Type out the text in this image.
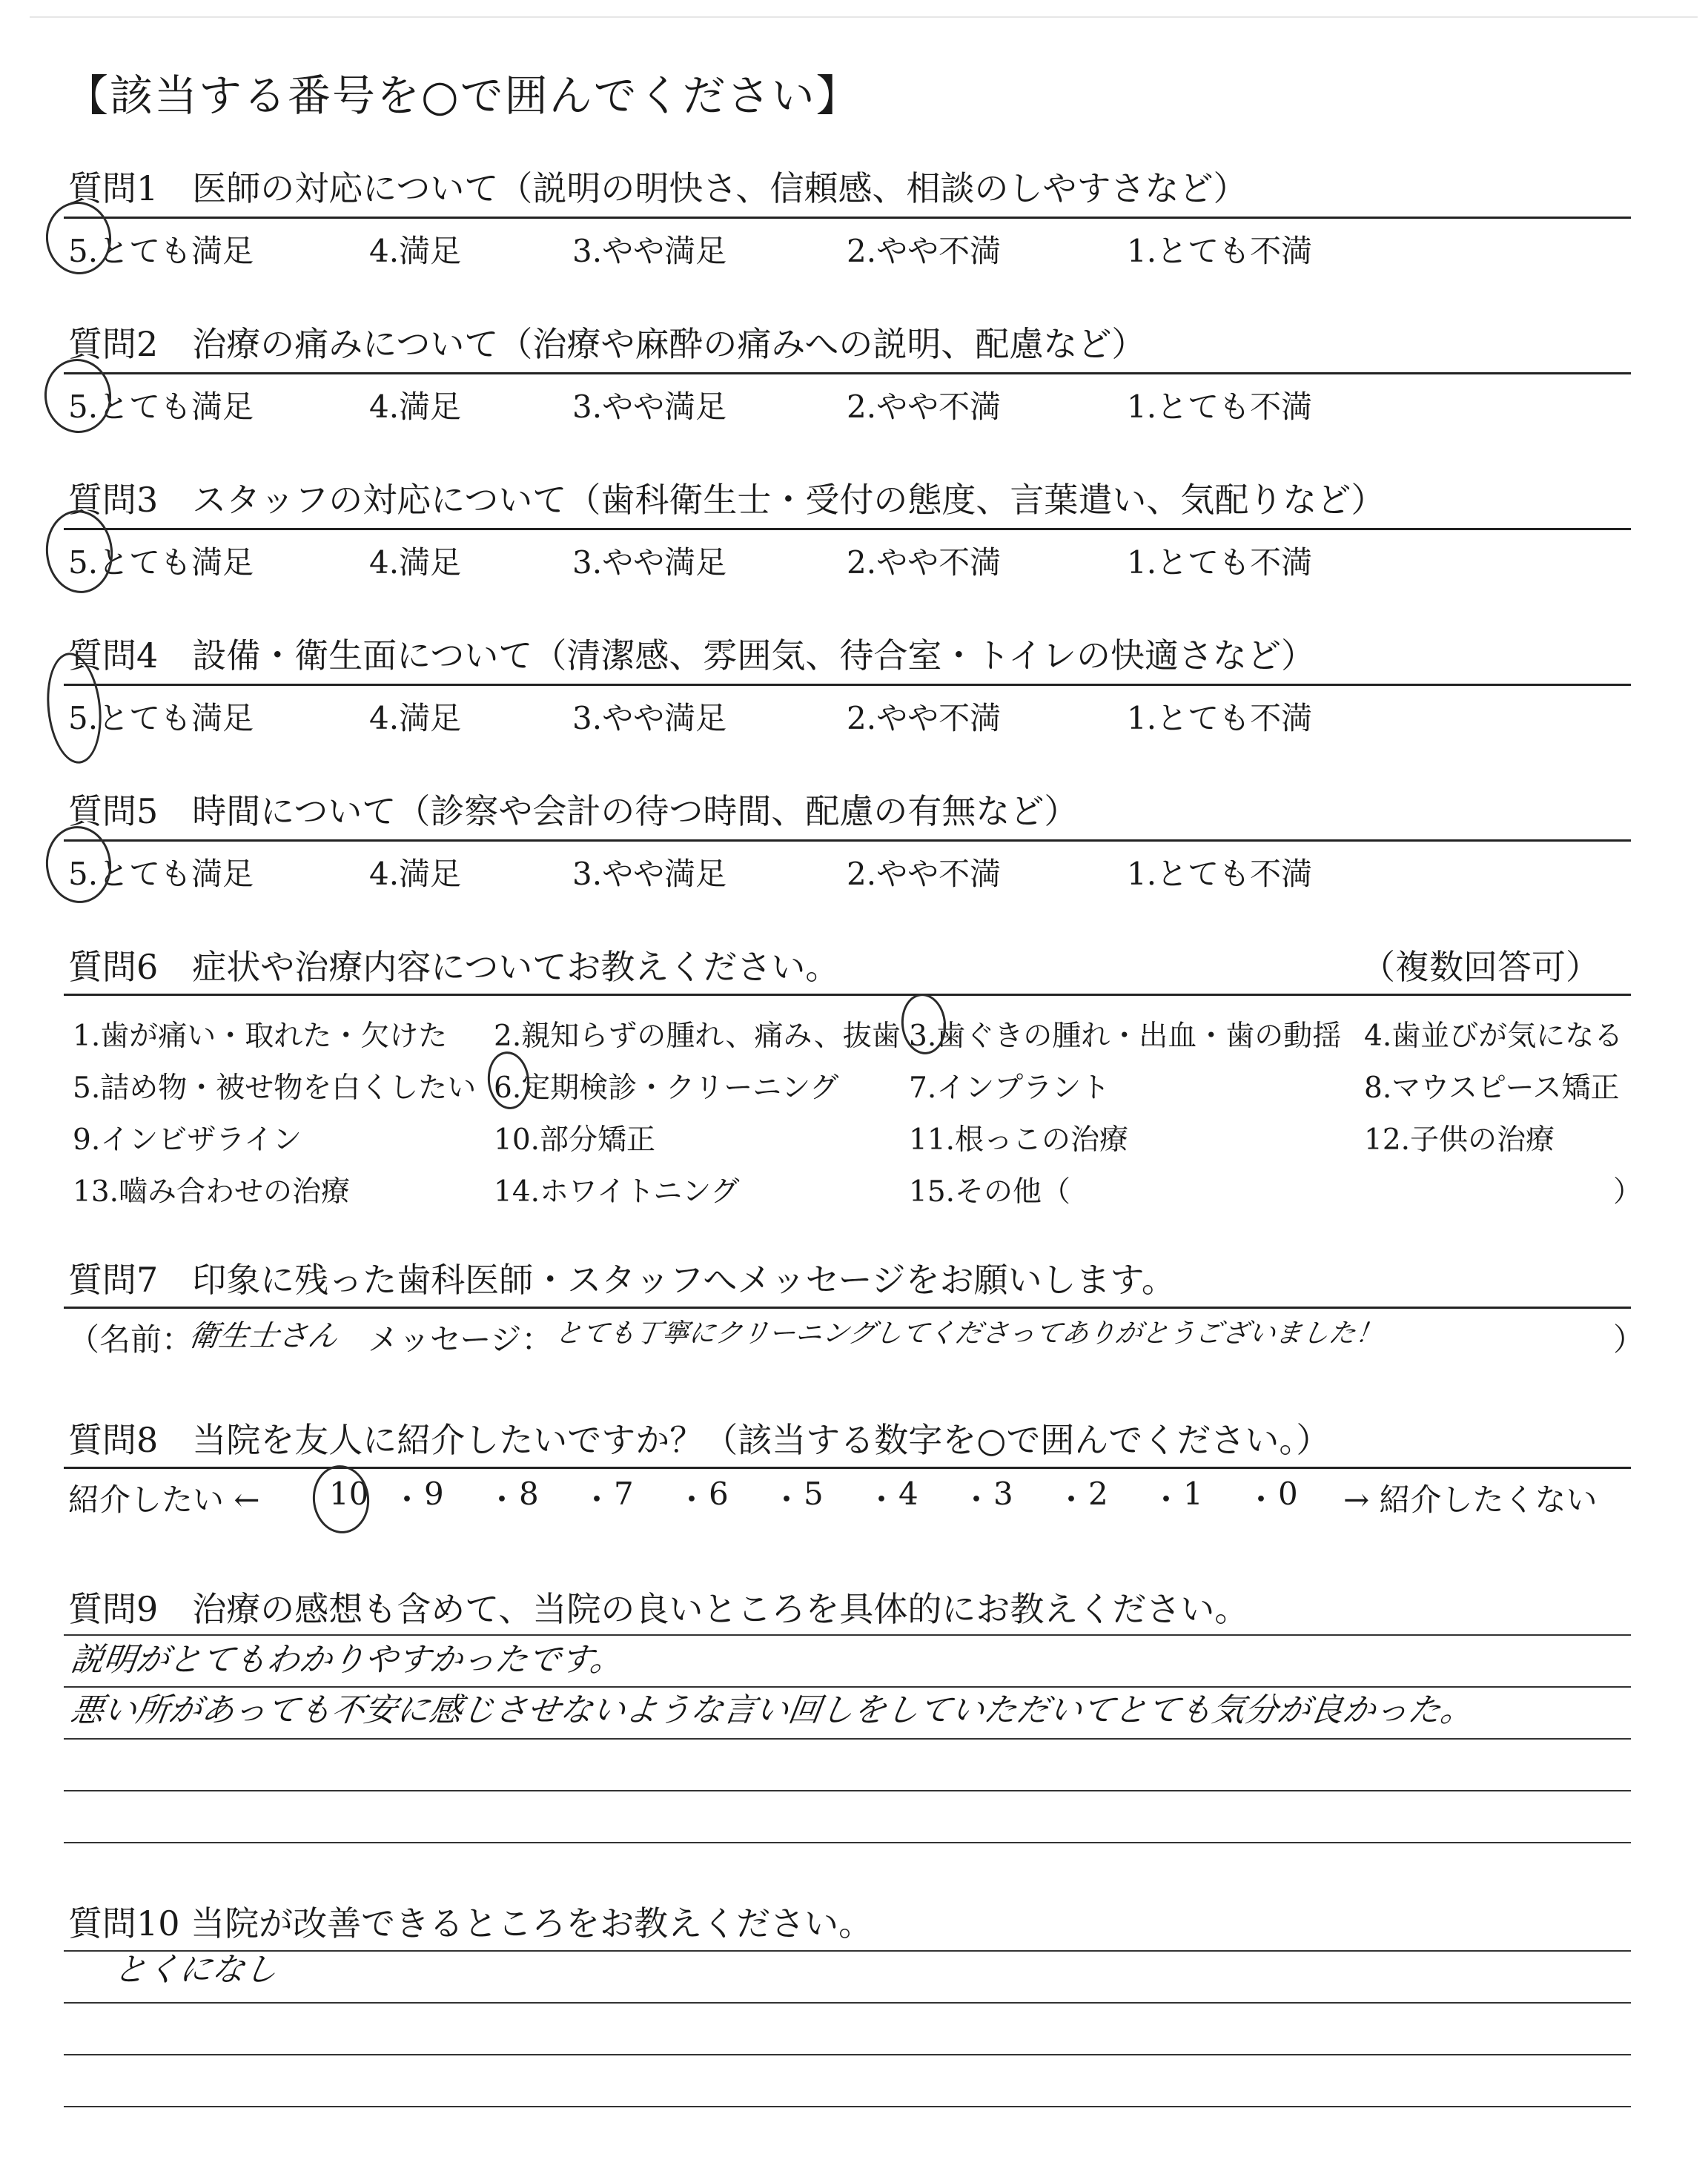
【該当する番号を○で囲んでください】
質問1　医師の対応について（説明の明快さ、信頼感、相談のしやすさなど）
5.とても満足	4.満足	3.やや満足	2.やや不満	1.とても不満
質問2　治療の痛みについて（治療や麻酔の痛みへの説明、配慮など）
5.とても満足	4.満足	3.やや満足	2.やや不満	1.とても不満
質問3　スタッフの対応について（歯科衛生士・受付の態度、言葉遣い、気配りなど）
5.とても満足	4.満足	3.やや満足	2.やや不満	1.とても不満
質問4　設備・衛生面について（清潔感、雰囲気、待合室・トイレの快適さなど）
5.とても満足	4.満足	3.やや満足	2.やや不満	1.とても不満
質問5　時間について（診察や会計の待つ時間、配慮の有無など）
5.とても満足	4.満足	3.やや満足	2.やや不満	1.とても不満
質問6　症状や治療内容についてお教えください。	（複数回答可）
1.歯が痛い・取れた・欠けた 2.親知らずの腫れ、痛み、抜歯 3.歯ぐきの腫れ・出血・歯の動揺 4.歯並びが気になる
5.詰め物・被せ物を白くしたい 6.定期検診・クリーニング 7.インプラント	8.マウスピース矯正
9.インビザライン	10.部分矯正	11.根っこの治療	12.子供の治療
13.嚙み合わせの治療	14.ホワイトニング	15.その他（	）
質問7　印象に残った歯科医師・スタッフへメッセージをお願いします。
（名前：
衛生士さん メッセージ： とても丁寧にクリーニングしてくださってありがとうございました！	）
質問8　当院を友人に紹介したいですか？（該当する数字を○で囲んでください。）
紹介したい ← 10 ・ 9 ・ 8 ・ 7 ・ 6 ・ 5 ・ 4 ・ 3 ・ 2 ・ 1 ・ 0 → 紹介したくない
質問9　治療の感想も含めて、当院の良いところを具体的にお教えください。
説明がとてもわかりやすかったです。
悪い所があっても不安に感じさせないような言い回しをしていただいてとても気分が良かった。
質問10 当院が改善できるところをお教えください。
とくになし
